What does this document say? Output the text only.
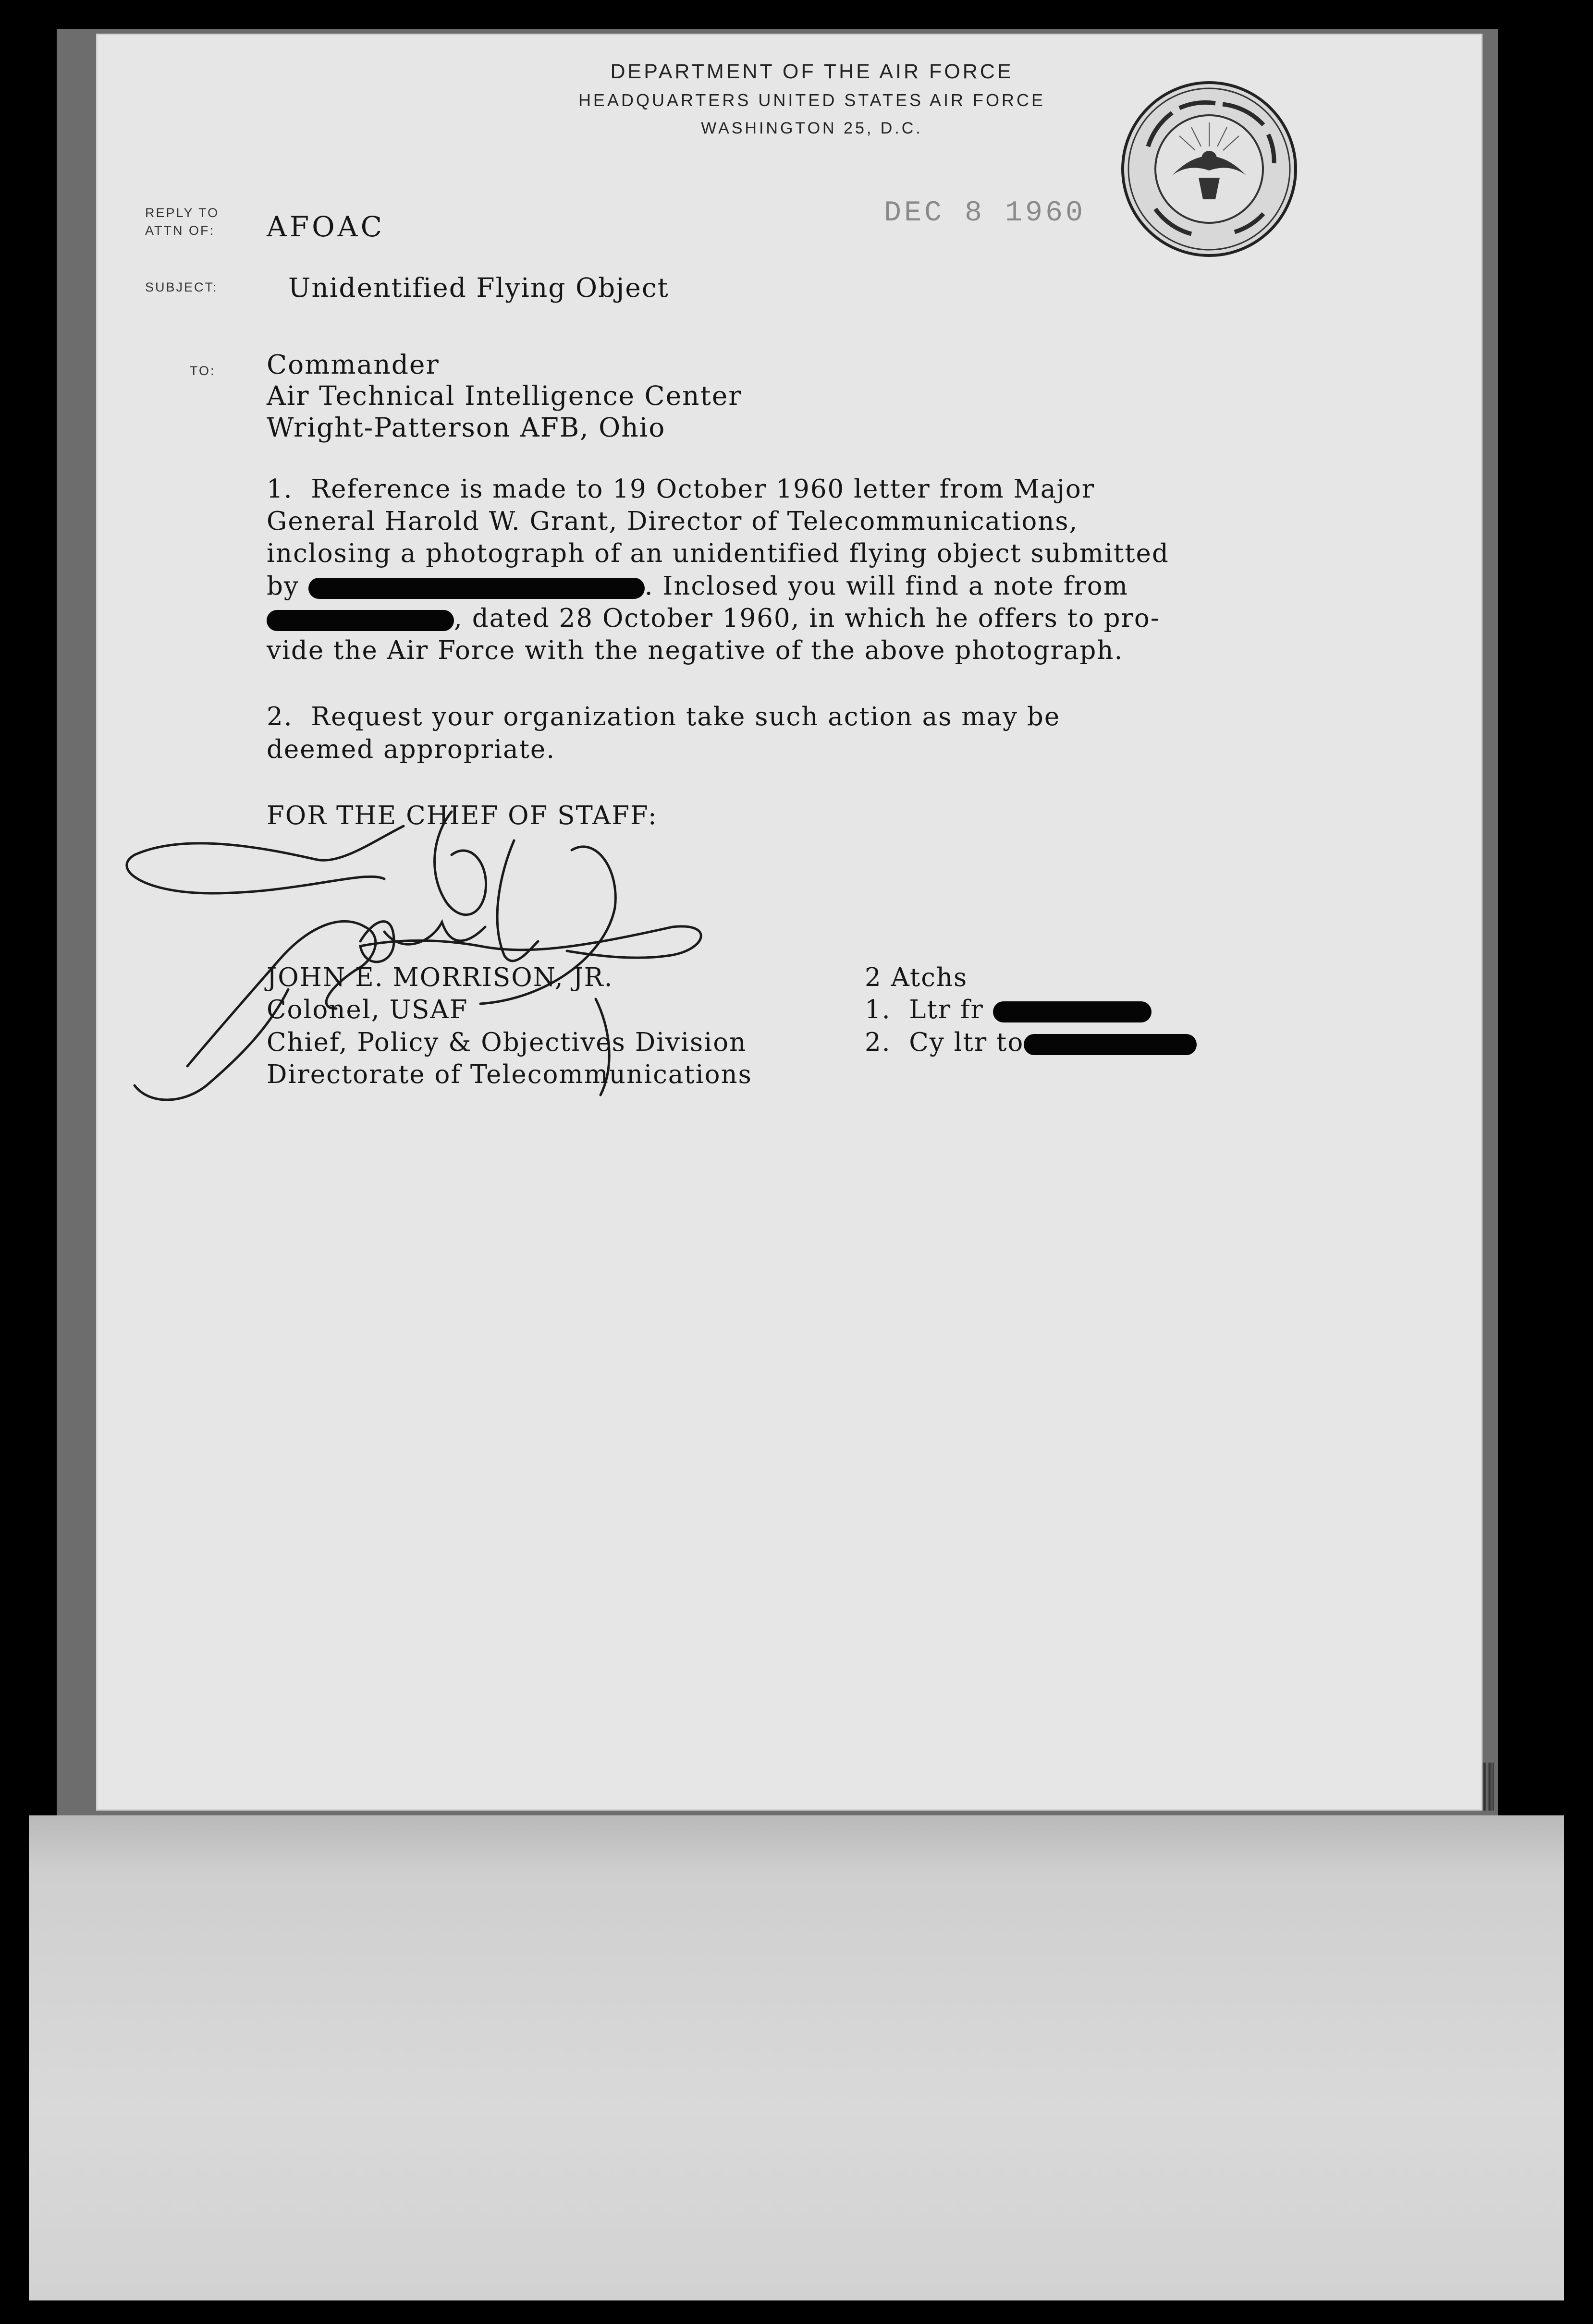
DEPARTMENT OF THE AIR FORCE
HEADQUARTERS UNITED STATES AIR FORCE
WASHINGTON 25, D.C.
REPLY TO
ATTN OF: AFOAC	DEC 8 1960
SUBJECT:	Unidentified Flying Object
TO: Commander
Air Technical Intelligence Center
Wright-Patterson AFB, Ohio
1.  Reference is made to 19 October 1960 letter from Major
General Harold W. Grant, Director of Telecommunications,
inclosing a photograph of an unidentified flying object submitted
by	. Inclosed you will find a note from
, dated 28 October 1960, in which he offers to pro-
vide the Air Force with the negative of the above photograph.
2.  Request your organization take such action as may be
deemed appropriate.
FOR THE CHIEF OF STAFF:
JOHN E. MORRISON, JR.
Colonel, USAF
Chief, Policy & Objectives Division
Directorate of Telecommunications
2 Atchs
1.  Ltr fr
2.  Cy ltr to
